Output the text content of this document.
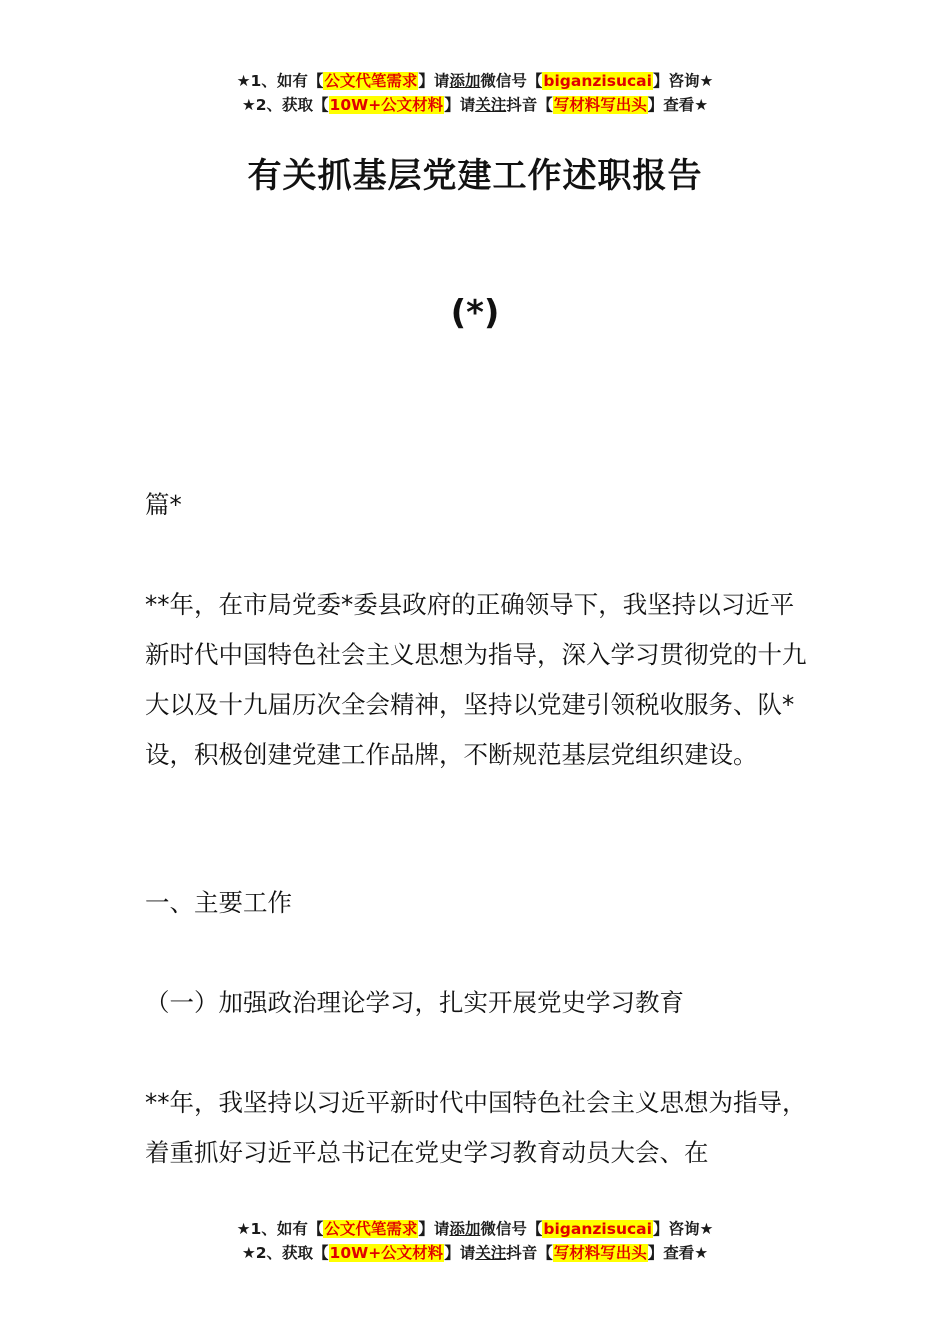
★1、如有【公文代笔需求】请添加微信号【biganzisucai】咨询★
★2、获取【10W+公文材料】请关注抖音【写材料写出头】查看★
有关抓基层党建工作述职报告
(*)
篇*
**年，在市局党委*委县政府的正确领导下，我坚持以习近平新时代中国特色社会主义思想为指导，深入学习贯彻党的十九大以及十九届历次全会精神，坚持以党建引领税收服务、队*设，积极创建党建工作品牌，不断规范基层党组织建设。
一、主要工作
（一）加强政治理论学习，扎实开展党史学习教育
**年，我坚持以习近平新时代中国特色社会主义思想为指导，着重抓好习近平总书记在党史学习教育动员大会、在
★1、如有【公文代笔需求】请添加微信号【biganzisucai】咨询★
★2、获取【10W+公文材料】请关注抖音【写材料写出头】查看★
